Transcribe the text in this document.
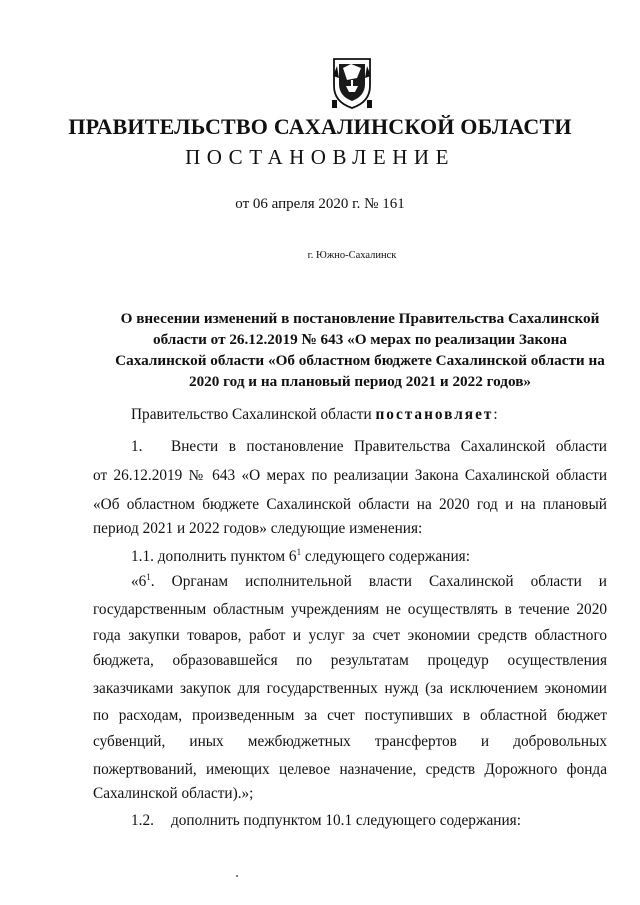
ПРАВИТЕЛЬСТВО САХАЛИНСКОЙ ОБЛАСТИ
ПОСТАНОВЛЕНИЕ
от 06 апреля 2020 г. № 161
г. Южно-Сахалинск
О внесении изменений в постановление Правительства Сахалинской
области от 26.12.2019 № 643 «О мерах по реализации Закона
Сахалинской области «Об областном бюджете Сахалинской области на
2020 год и на плановый период 2021 и 2022 годов»
Правительство Сахалинской области постановляет:
1. Внести в постановление Правительства Сахалинской области
от 26.12.2019 № 643 «О мерах по реализации Закона Сахалинской области
«Об областном бюджете Сахалинской области на 2020 год и на плановый
период 2021 и 2022 годов» следующие изменения:
1.1. дополнить пунктом $6^1$ следующего содержания:
«$6^1$. Органам исполнительной власти Сахалинской области и
государственным областным учреждениям не осуществлять в течение 2020
года закупки товаров, работ и услуг за счет экономии средств областного
бюджета, образовавшейся по результатам процедур осуществления
заказчиками закупок для государственных нужд (за исключением экономии
по расходам, произведенным за счет поступивших в областной бюджет
субвенций, иных межбюджетных трансфертов и добровольных
пожертвований, имеющих целевое назначение, средств Дорожного фонда
Сахалинской области).»;
1.2. дополнить подпунктом 10.1 следующего содержания:
